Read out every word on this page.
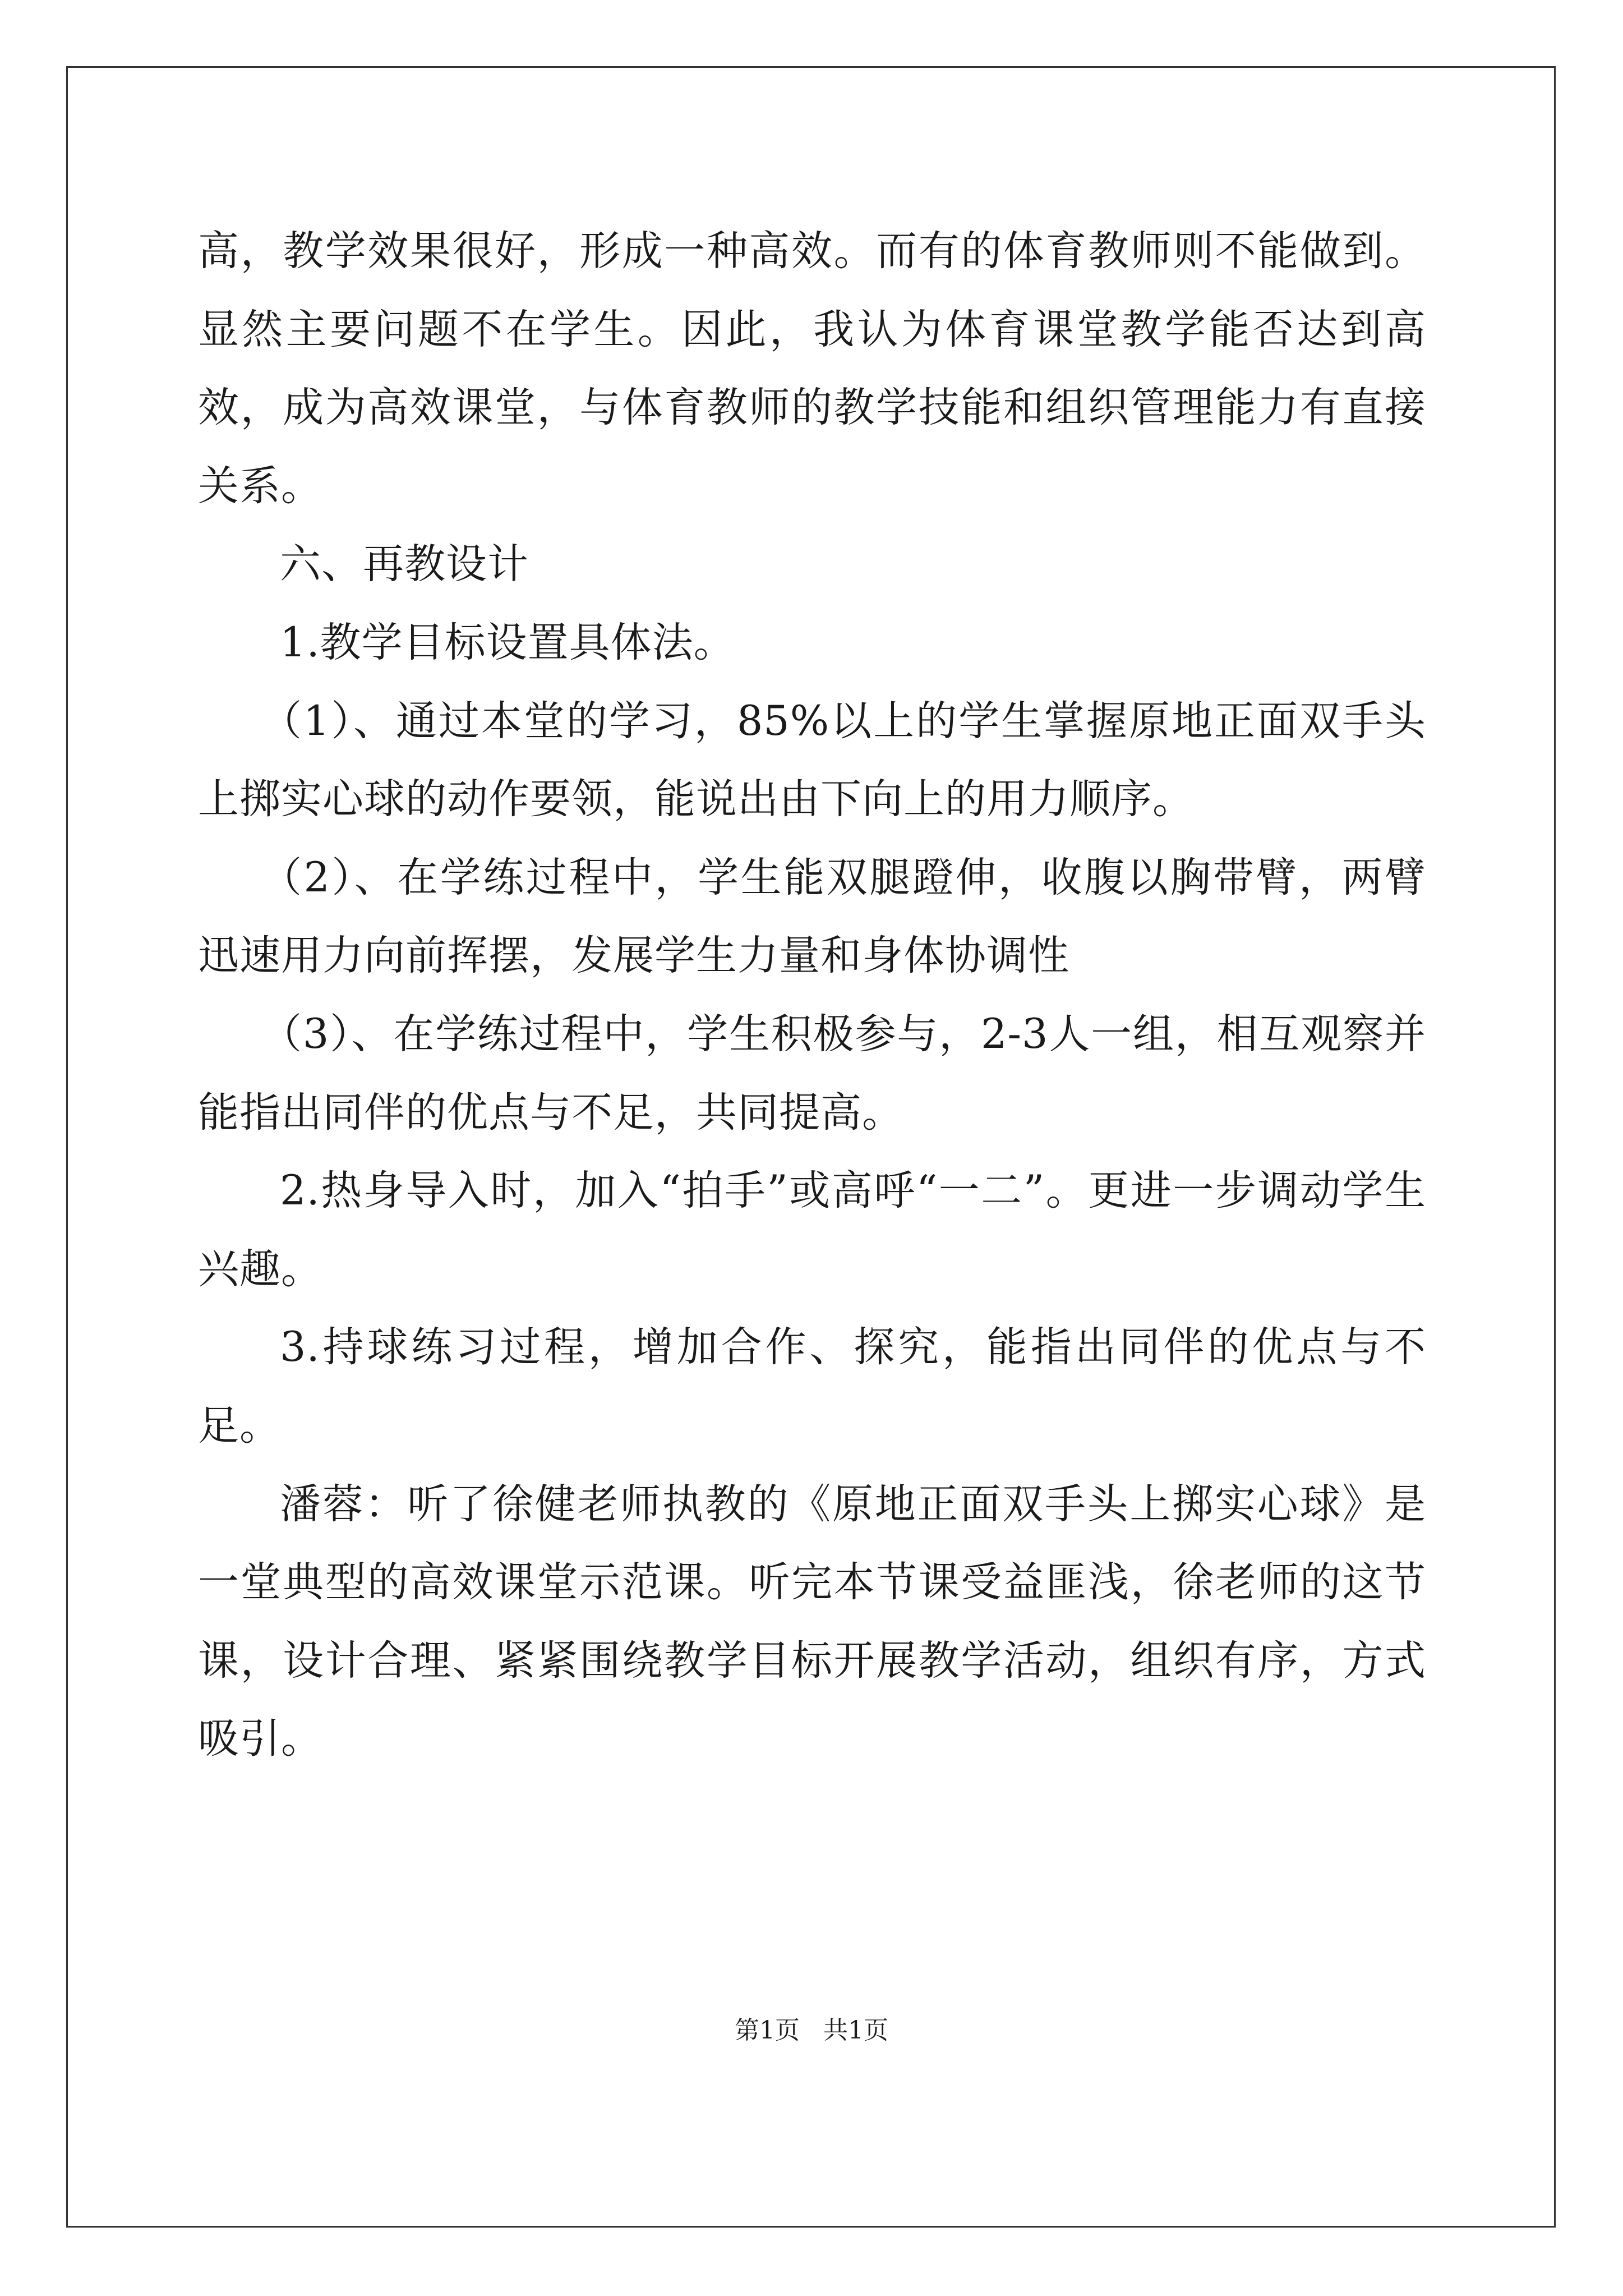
高，教学效果很好，形成一种高效。而有的体育教师则不能做到。显然主要问题不在学生。因此，我认为体育课堂教学能否达到高效，成为高效课堂，与体育教师的教学技能和组织管理能力有直接关系。

六、再教设计

1.教学目标设置具体法。

（1）、通过本堂的学习，85%以上的学生掌握原地正面双手头上掷实心球的动作要领，能说出由下向上的用力顺序。

（2）、在学练过程中，学生能双腿蹬伸，收腹以胸带臂，两臂迅速用力向前挥摆，发展学生力量和身体协调性

（3）、在学练过程中，学生积极参与，2-3人一组，相互观察并能指出同伴的优点与不足，共同提高。

2.热身导入时，加入“拍手”或高呼“一二”。更进一步调动学生兴趣。

3.持球练习过程，增加合作、探究，能指出同伴的优点与不足。

潘蓉：听了徐健老师执教的《原地正面双手头上掷实心球》是一堂典型的高效课堂示范课。听完本节课受益匪浅，徐老师的这节课，设计合理、紧紧围绕教学目标开展教学活动，组织有序，方式吸引。

第1页 共1页
